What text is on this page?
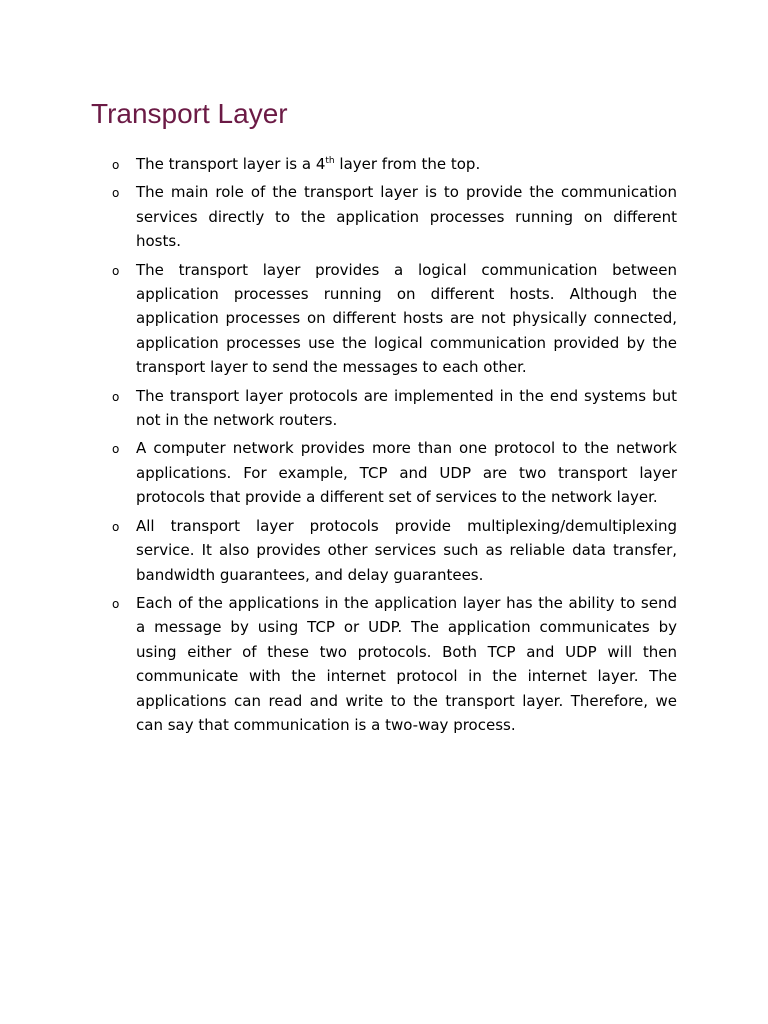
Transport Layer
o The transport layer is a 4th layer from the top.
o The main role of the transport layer is to provide the communication services directly to the application processes running on different hosts.
o The transport layer provides a logical communication between application processes running on different hosts. Although the application processes on different hosts are not physically connected, application processes use the logical communication provided by the transport layer to send the messages to each other.
o The transport layer protocols are implemented in the end systems but not in the network routers.
o A computer network provides more than one protocol to the network applications. For example, TCP and UDP are two transport layer protocols that provide a different set of services to the network layer.
o All transport layer protocols provide multiplexing/demultiplexing service. It also provides other services such as reliable data transfer, bandwidth guarantees, and delay guarantees.
o Each of the applications in the application layer has the ability to send a message by using TCP or UDP. The application communicates by using either of these two protocols. Both TCP and UDP will then communicate with the internet protocol in the internet layer. The applications can read and write to the transport layer. Therefore, we can say that communication is a two-way process.
